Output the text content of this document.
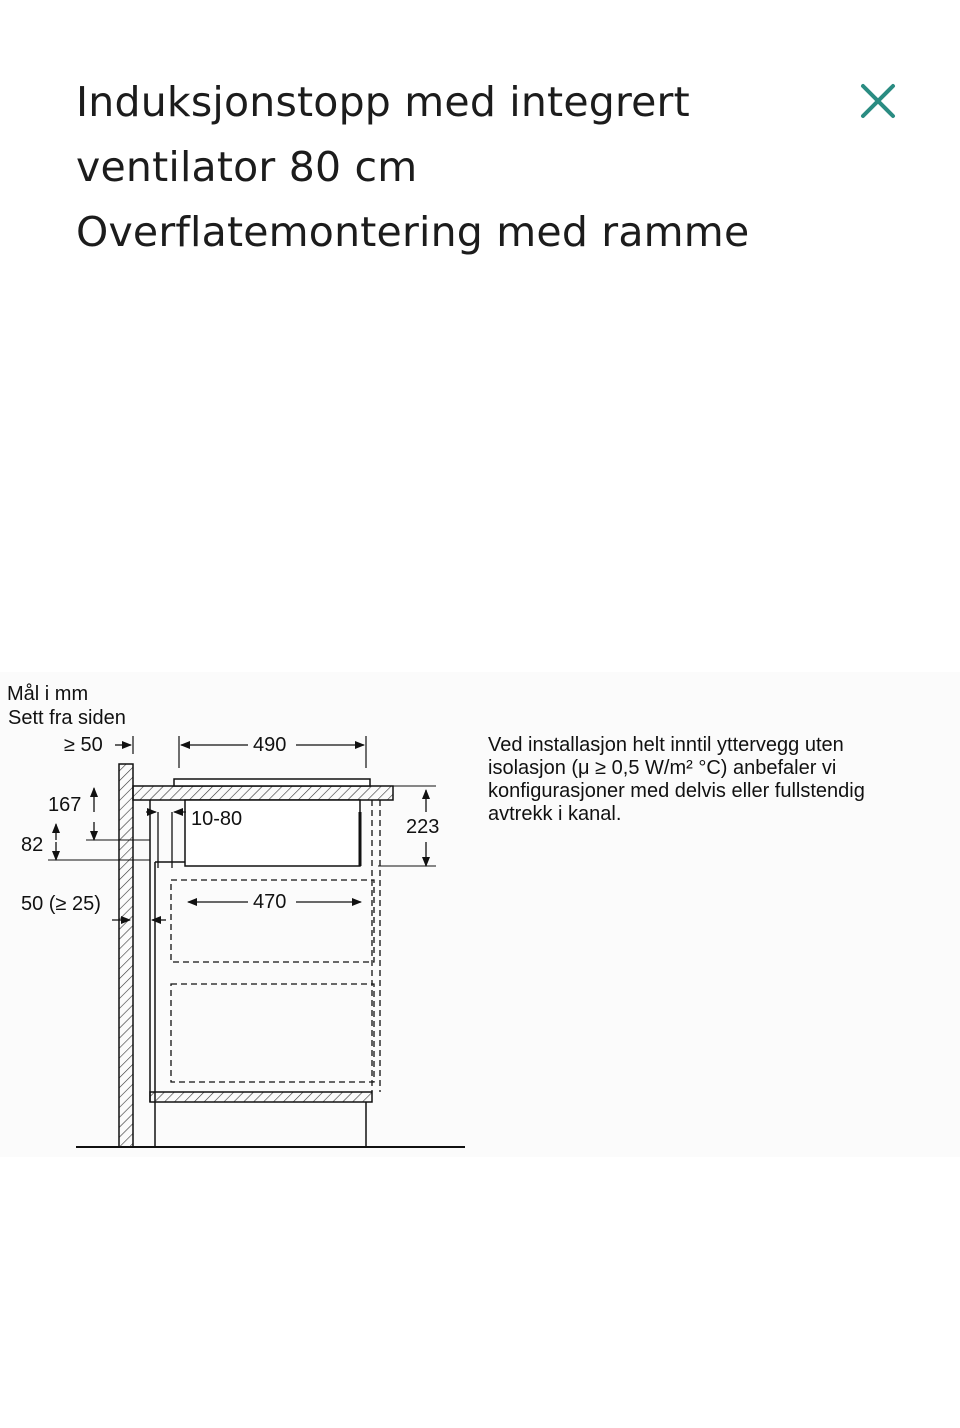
Induksjonstopp med integrert
ventilator 80 cm
Overflatemontering med ramme
Mål i mm
Sett fra siden
≥ 50	490
167
82
10-80	223
470
50 (≥ 25)
Ved installasjon helt inntil yttervegg uten
isolasjon (μ ≥ 0,5 W/m² °C) anbefaler vi
konfigurasjoner med delvis eller fullstendig
avtrekk i kanal.
